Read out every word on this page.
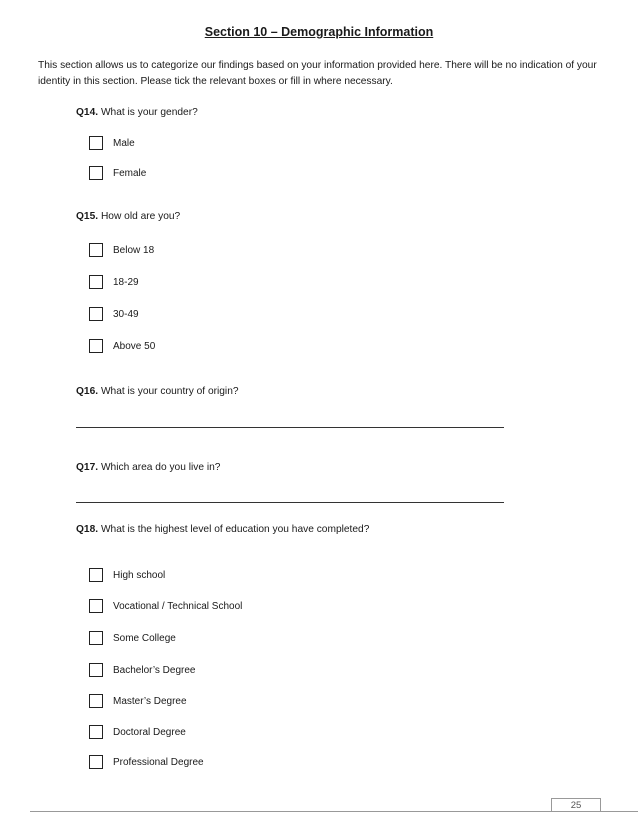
Section 10 – Demographic Information
This section allows us to categorize our findings based on your information provided here. There will be no indication of your identity in this section. Please tick the relevant boxes or fill in where necessary.
Q14. What is your gender?
Male
Female
Q15. How old are you?
Below 18
18-29
30-49
Above 50
Q16. What is your country of origin?
Q17. Which area do you live in?
Q18. What is the highest level of education you have completed?
High school
Vocational / Technical School
Some College
Bachelor’s Degree
Master’s Degree
Doctoral Degree
Professional Degree
25
